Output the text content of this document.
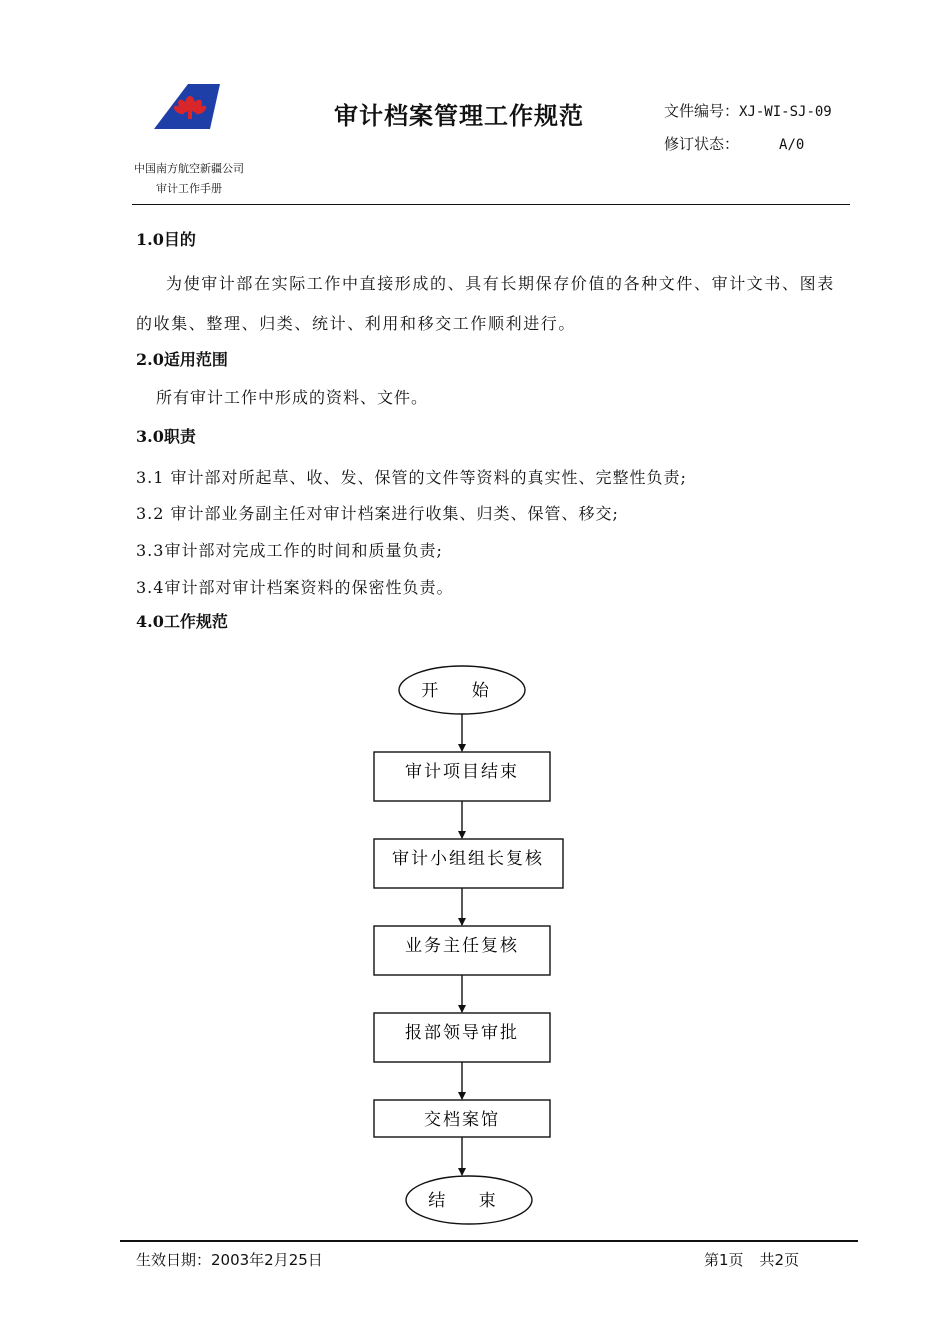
审计档案管理工作规范	文件编号：XJ-WI-SJ-09
修订状态：	A/0
中国南方航空新疆公司
审计工作手册
1.0目的
为使审计部在实际工作中直接形成的、具有长期保存价值的各种文件、审计文书、图表的收集、整理、归类、统计、利用和移交工作顺利进行。
2.0适用范围
所有审计工作中形成的资料、文件。
3.0职责
3.1 审计部对所起草、收、发、保管的文件等资料的真实性、完整性负责;
3.2 审计部业务副主任对审计档案进行收集、归类、保管、移交;
3.3审计部对完成工作的时间和质量负责;
3.4审计部对审计档案资料的保密性负责。
4.0工作规范
开 始
审计项目结束
审计小组组长复核
业务主任复核
报部领导审批
交档案馆
结 束
生效日期：2003年2月25日	第1页 共2页
